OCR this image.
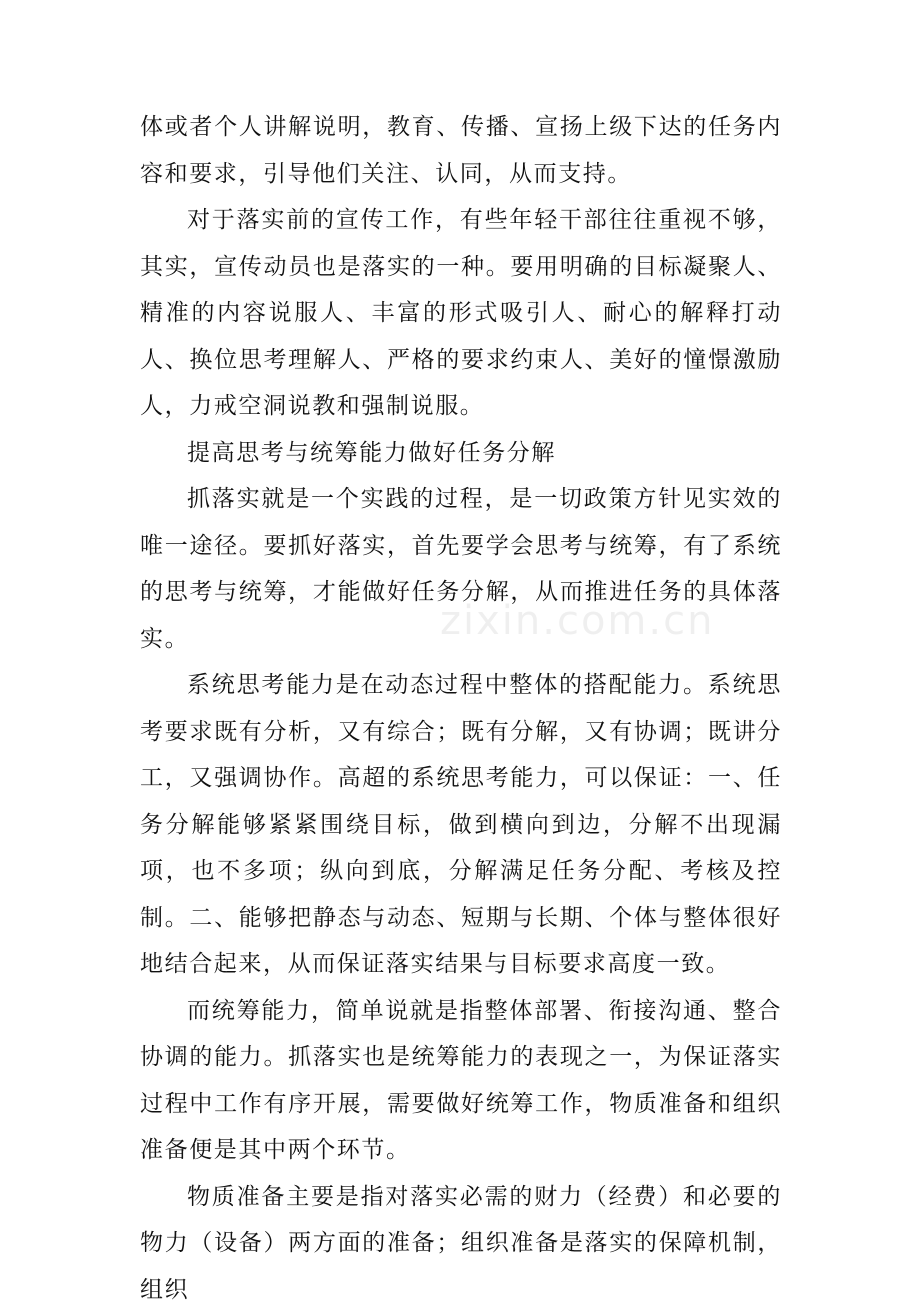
体或者个人讲解说明，教育、传播、宣扬上级下达的任务内容和要求，引导他们关注、认同，从而支持。

对于落实前的宣传工作，有些年轻干部往往重视不够，其实，宣传动员也是落实的一种。要用明确的目标凝聚人、精准的内容说服人、丰富的形式吸引人、耐心的解释打动人、换位思考理解人、严格的要求约束人、美好的憧憬激励人，力戒空洞说教和强制说服。

提高思考与统筹能力做好任务分解

抓落实就是一个实践的过程，是一切政策方针见实效的唯一途径。要抓好落实，首先要学会思考与统筹，有了系统的思考与统筹，才能做好任务分解，从而推进任务的具体落实。

系统思考能力是在动态过程中整体的搭配能力。系统思考要求既有分析，又有综合；既有分解，又有协调；既讲分工，又强调协作。高超的系统思考能力，可以保证：一、任务分解能够紧紧围绕目标，做到横向到边，分解不出现漏项，也不多项；纵向到底，分解满足任务分配、考核及控制。二、能够把静态与动态、短期与长期、个体与整体很好地结合起来，从而保证落实结果与目标要求高度一致。

而统筹能力，简单说就是指整体部署、衔接沟通、整合协调的能力。抓落实也是统筹能力的表现之一，为保证落实过程中工作有序开展，需要做好统筹工作，物质准备和组织准备便是其中两个环节。

物质准备主要是指对落实必需的财力（经费）和必要的物力（设备）两方面的准备；组织准备是落实的保障机制，组织

zixin.com.cn
